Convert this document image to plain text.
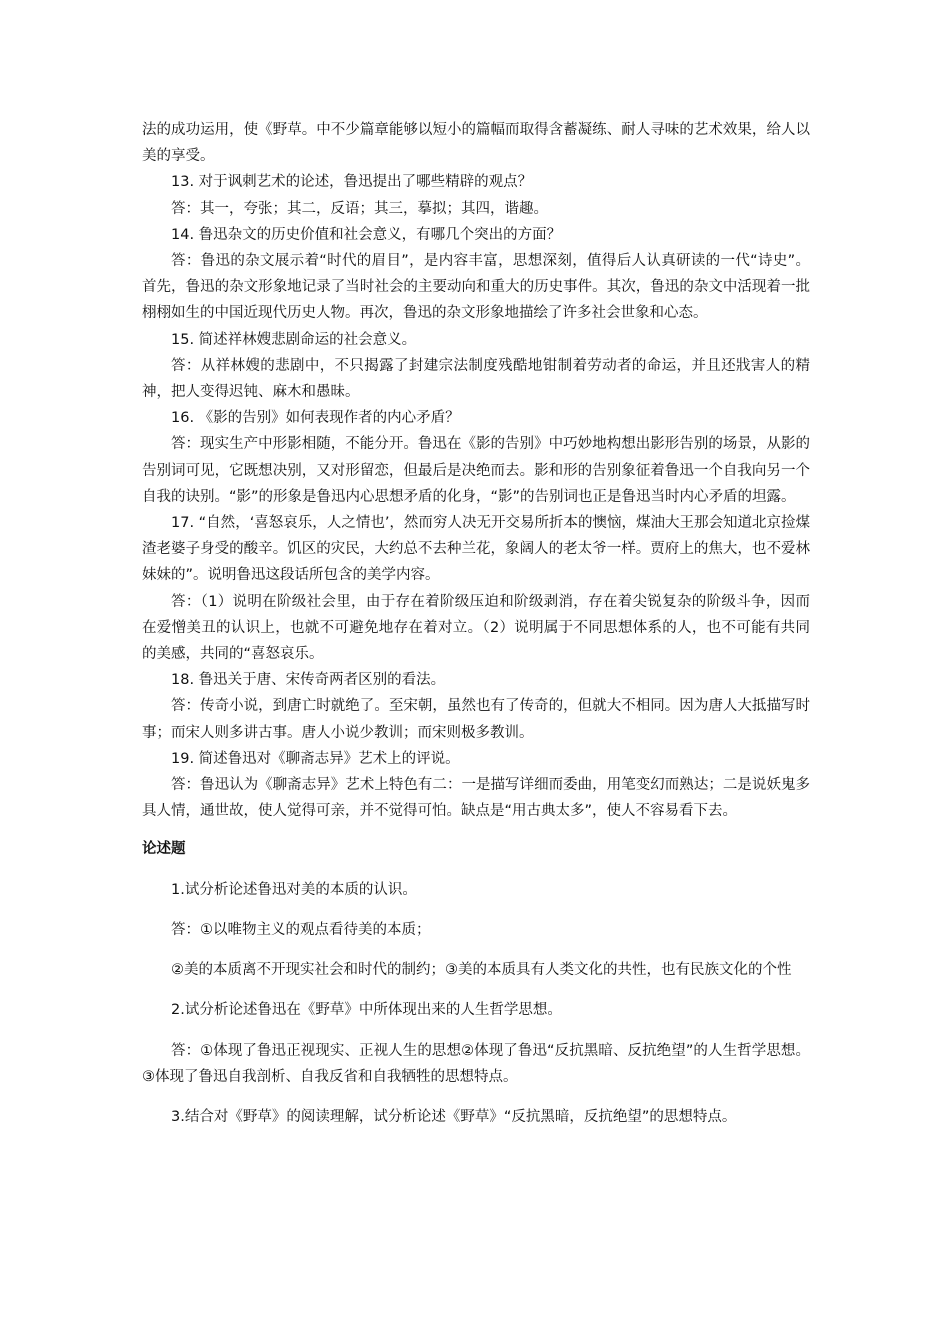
法的成功运用，使《野草。中不少篇章能够以短小的篇幅而取得含蓄凝练、耐人寻味的艺术效果，给人以美的享受。

13. 对于讽刺艺术的论述，鲁迅提出了哪些精辟的观点？

答：其一，夸张；其二，反语；其三，摹拟；其四，谐趣。

14. 鲁迅杂文的历史价值和社会意义，有哪几个突出的方面？

答：鲁迅的杂文展示着“时代的眉目”，是内容丰富，思想深刻，值得后人认真研读的一代“诗史”。首先，鲁迅的杂文形象地记录了当时社会的主要动向和重大的历史事件。其次，鲁迅的杂文中活现着一批栩栩如生的中国近现代历史人物。再次，鲁迅的杂文形象地描绘了许多社会世象和心态。

15. 简述祥林嫂悲剧命运的社会意义。

答：从祥林嫂的悲剧中，不只揭露了封建宗法制度残酷地钳制着劳动者的命运，并且还戕害人的精神，把人变得迟钝、麻木和愚昧。

16. 《影的告别》如何表现作者的内心矛盾？

答：现实生产中形影相随，不能分开。鲁迅在《影的告别》中巧妙地构想出影形告别的场景，从影的告别词可见，它既想决别，又对形留恋，但最后是决绝而去。影和形的告别象征着鲁迅一个自我向另一个自我的诀别。“影”的形象是鲁迅内心思想矛盾的化身，“影”的告别词也正是鲁迅当时内心矛盾的坦露。

17. “自然，‘喜怒哀乐，人之情也’，然而穷人决无开交易所折本的懊恼，煤油大王那会知道北京捡煤渣老婆子身受的酸辛。饥区的灾民，大约总不去种兰花，象阔人的老太爷一样。贾府上的焦大，也不爱林妹妹的”。说明鲁迅这段话所包含的美学内容。

答：（1）说明在阶级社会里，由于存在着阶级压迫和阶级剥消，存在着尖锐复杂的阶级斗争，因而在爱憎美丑的认识上，也就不可避免地存在着对立。（2）说明属于不同思想体系的人，也不可能有共同的美感，共同的“喜怒哀乐。

18. 鲁迅关于唐、宋传奇两者区别的看法。

答：传奇小说，到唐亡时就绝了。至宋朝，虽然也有了传奇的，但就大不相同。因为唐人大抵描写时事；而宋人则多讲古事。唐人小说少教训；而宋则极多教训。

19. 简述鲁迅对《聊斋志异》艺术上的评说。

答：鲁迅认为《聊斋志异》艺术上特色有二：一是描写详细而委曲，用笔变幻而熟达；二是说妖鬼多具人情，通世故，使人觉得可亲，并不觉得可怕。缺点是“用古典太多”，使人不容易看下去。

论述题

1.试分析论述鲁迅对美的本质的认识。

答：①以唯物主义的观点看待美的本质；

②美的本质离不开现实社会和时代的制约；③美的本质具有人类文化的共性，也有民族文化的个性

2.试分析论述鲁迅在《野草》中所体现出来的人生哲学思想。

答：①体现了鲁迅正视现实、正视人生的思想②体现了鲁迅“反抗黑暗、反抗绝望”的人生哲学思想。③体现了鲁迅自我剖析、自我反省和自我牺牲的思想特点。

3.结合对《野草》的阅读理解，试分析论述《野草》“反抗黑暗，反抗绝望”的思想特点。
